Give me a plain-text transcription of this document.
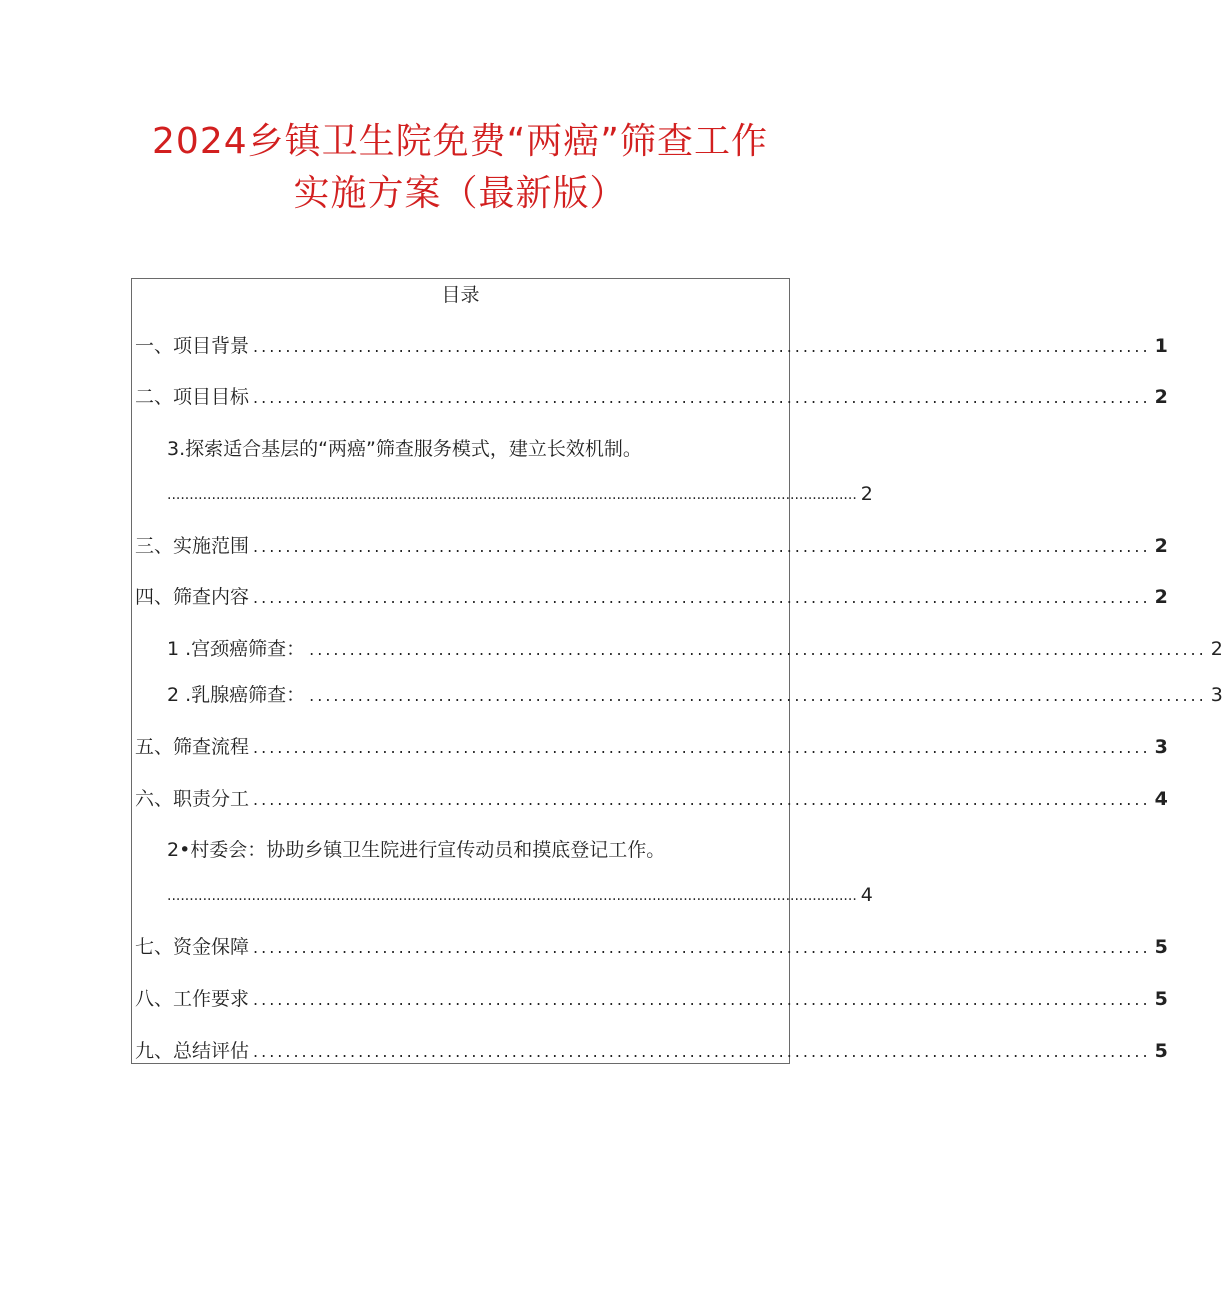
2024乡镇卫生院免费“两癌”筛查工作
实施方案（最新版）
目录
一、项目背景 ............................................................................................................... 1
二、项目目标 ............................................................................................................... 2
3.探索适合基层的“两癌”筛查服务模式，建立长效机制。
........................................................................................................................................................... 2
三、实施范围 ............................................................................................................... 2
四、筛查内容 ............................................................................................................... 2
1 .宫颈癌筛查： ............................................................................................................... 2
2 .乳腺癌筛查： ............................................................................................................... 3
五、筛查流程 ............................................................................................................... 3
六、职责分工 ............................................................................................................... 4
2•村委会：协助乡镇卫生院进行宣传动员和摸底登记工作。
........................................................................................................................................................... 4
七、资金保障 ............................................................................................................... 5
八、工作要求 ............................................................................................................... 5
九、总结评估 ............................................................................................................... 5
